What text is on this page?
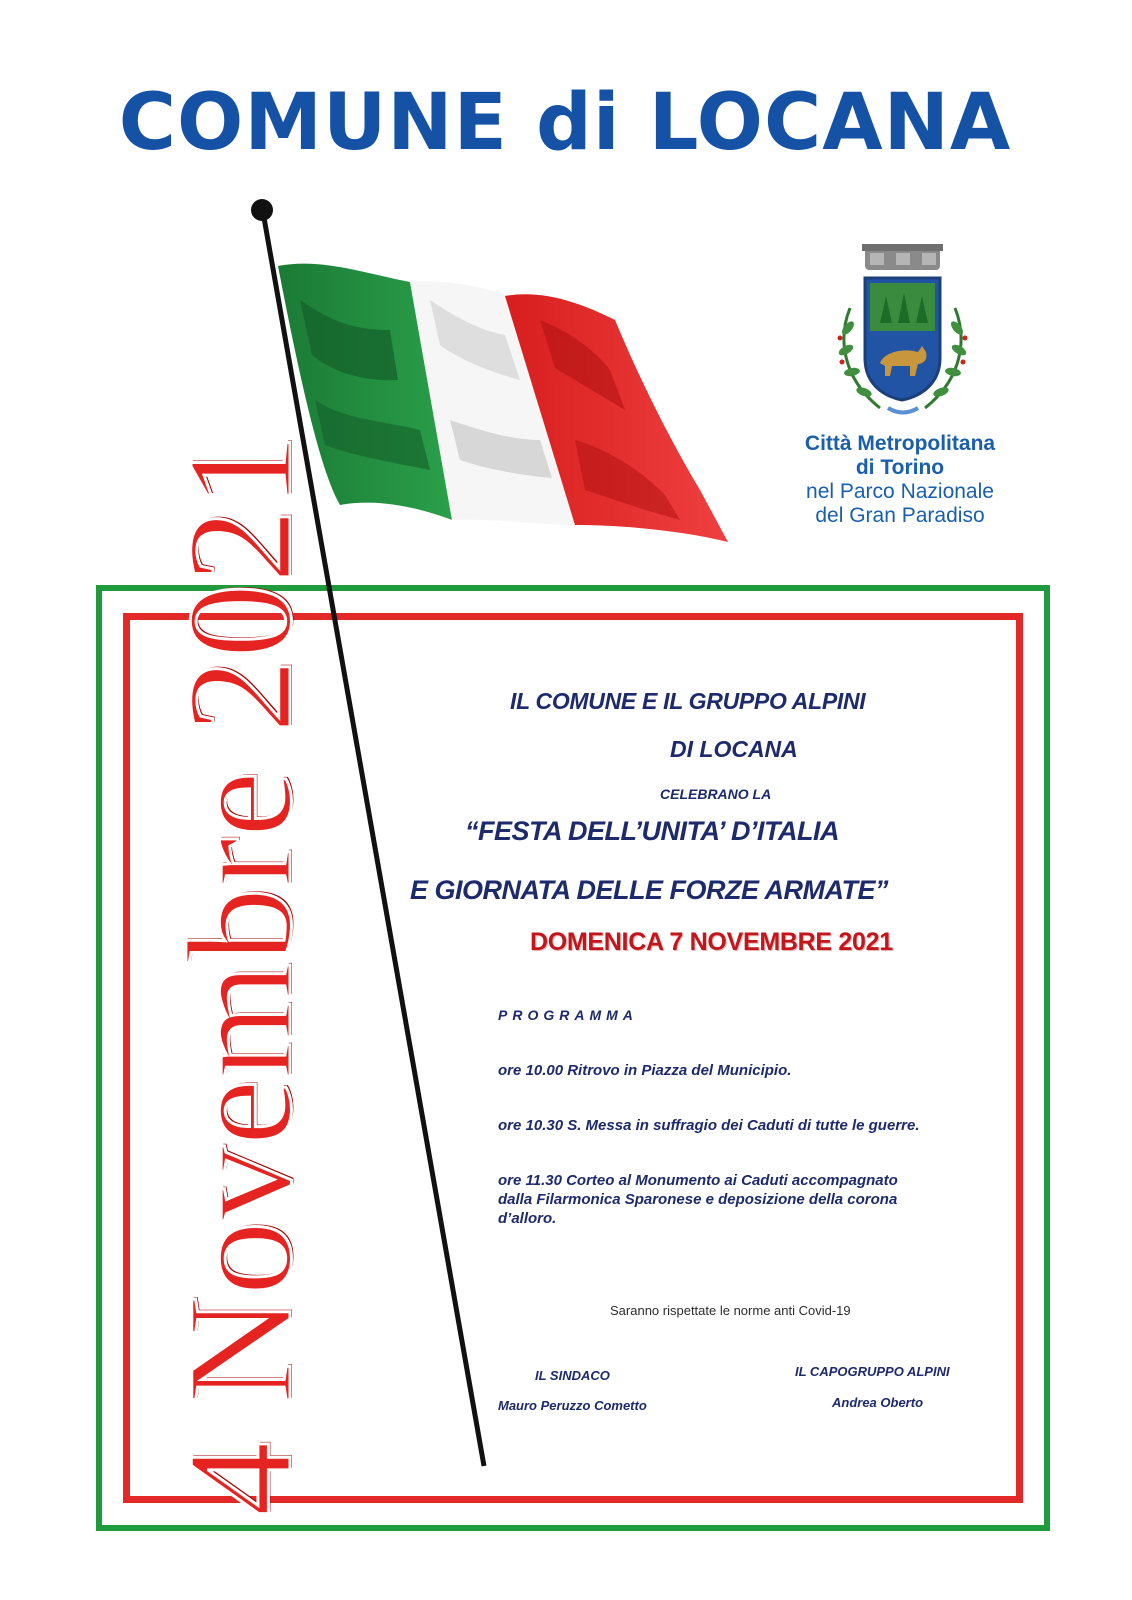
COMUNE di LOCANA
4 Novembre 2021	Città Metropolitana
di Torino
nel Parco Nazionale
del Gran Paradiso
IL COMUNE E IL GRUPPO ALPINI
DI LOCANA
CELEBRANO LA
“FESTA DELL’UNITA’ D’ITALIA
E GIORNATA DELLE FORZE ARMATE”
DOMENICA 7 NOVEMBRE 2021
PROGRAMMA
ore 10.00 Ritrovo in Piazza del Municipio.
ore 10.30 S. Messa in suffragio dei Caduti di tutte le guerre.
ore 11.30 Corteo al Monumento ai Caduti accompagnato
dalla Filarmonica Sparonese e deposizione della corona
d’alloro.
Saranno rispettate le norme anti Covid-19
IL SINDACO
Mauro Peruzzo Cometto
IL CAPOGRUPPO ALPINI
Andrea Oberto
